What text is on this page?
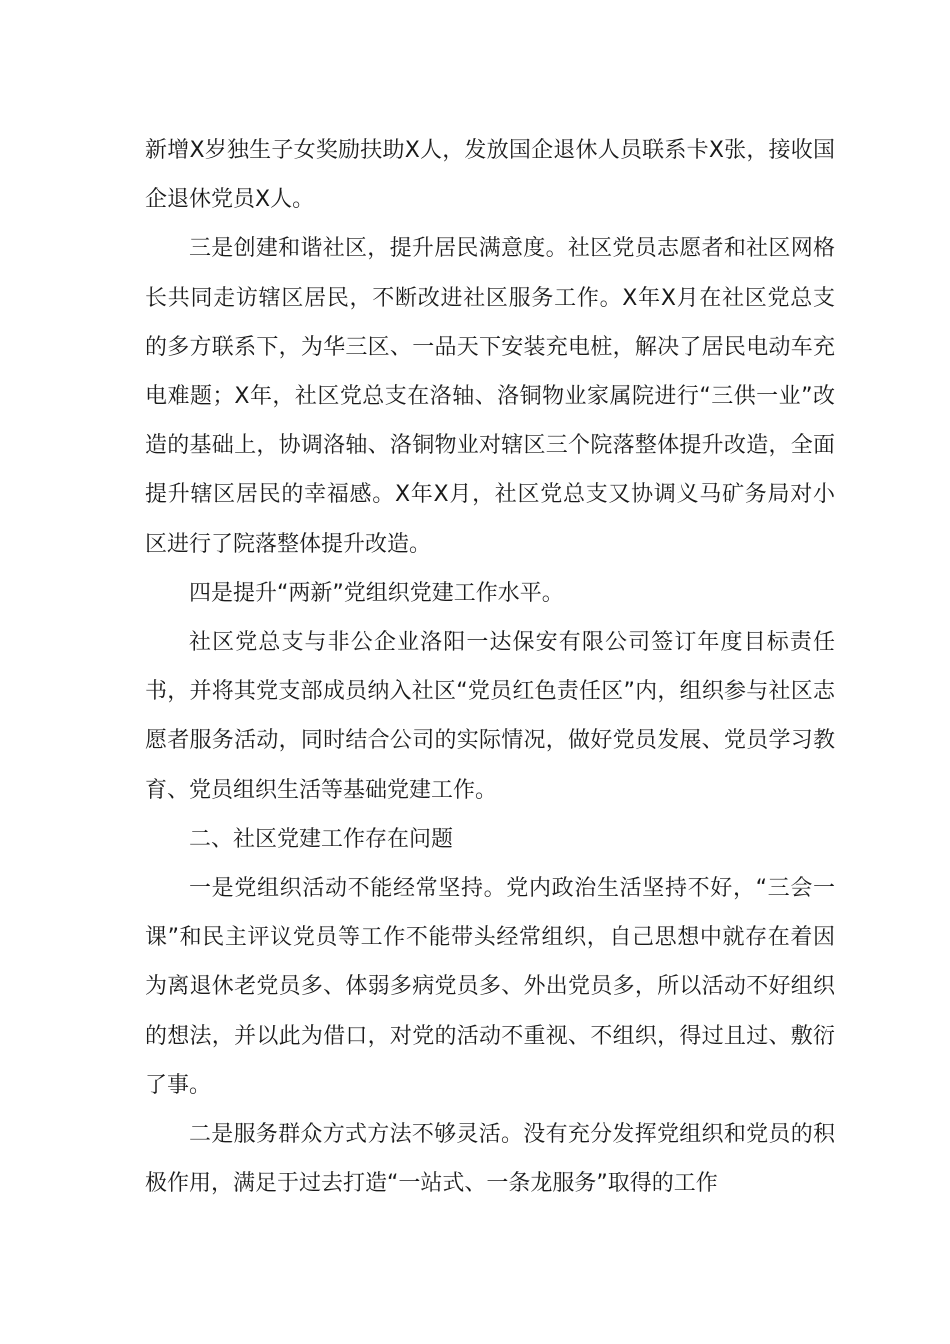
新增X岁独生子女奖励扶助X人，发放国企退休人员联系卡X张，接收国企退休党员X人。

三是创建和谐社区，提升居民满意度。社区党员志愿者和社区网格长共同走访辖区居民，不断改进社区服务工作。X年X月在社区党总支的多方联系下，为华三区、一品天下安装充电桩，解决了居民电动车充电难题；X年，社区党总支在洛轴、洛铜物业家属院进行“三供一业”改造的基础上，协调洛轴、洛铜物业对辖区三个院落整体提升改造，全面提升辖区居民的幸福感。X年X月，社区党总支又协调义马矿务局对小区进行了院落整体提升改造。

四是提升“两新”党组织党建工作水平。

社区党总支与非公企业洛阳一达保安有限公司签订年度目标责任书，并将其党支部成员纳入社区“党员红色责任区”内，组织参与社区志愿者服务活动，同时结合公司的实际情况，做好党员发展、党员学习教育、党员组织生活等基础党建工作。

二、社区党建工作存在问题

一是党组织活动不能经常坚持。党内政治生活坚持不好，“三会一课”和民主评议党员等工作不能带头经常组织，自己思想中就存在着因为离退休老党员多、体弱多病党员多、外出党员多，所以活动不好组织的想法，并以此为借口，对党的活动不重视、不组织，得过且过、敷衍了事。

二是服务群众方式方法不够灵活。没有充分发挥党组织和党员的积极作用，满足于过去打造“一站式、一条龙服务”取得的工作
